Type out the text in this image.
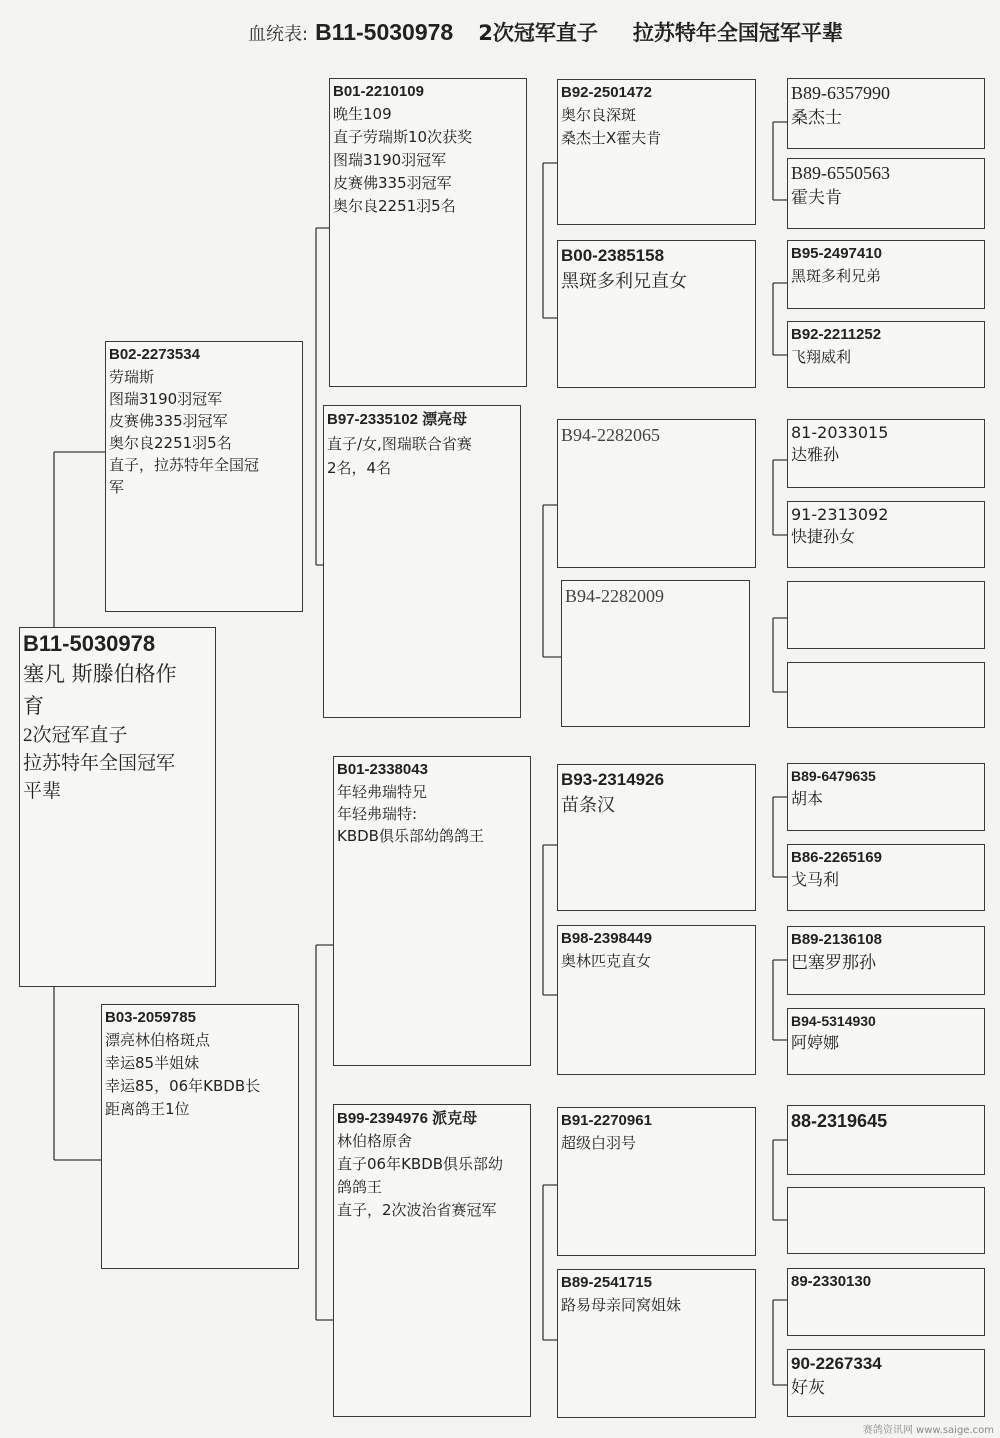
血统表: B11-5030978 2次冠军直子 拉苏特年全国冠军平辈
B11-5030978
塞凡 斯滕伯格作
育
2次冠军直子
拉苏特年全国冠军
平辈
B02-2273534
劳瑞斯
图瑞3190羽冠军
皮赛佛335羽冠军
奥尔良2251羽5名
直子，拉苏特年全国冠
军
B03-2059785
漂亮林伯格斑点
幸运85半姐妹
幸运85，06年KBDB长
距离鸽王1位
B01-2210109
晚生109
直子劳瑞斯10次获奖
图瑞3190羽冠军
皮赛佛335羽冠军
奥尔良2251羽5名
B97-2335102 漂亮母
直子/女,图瑞联合省赛
2名，4名
B01-2338043
年轻弗瑞特兄
年轻弗瑞特:
KBDB俱乐部幼鸽鸽王
B99-2394976 派克母
林伯格原舍
直子06年KBDB俱乐部幼
鸽鸽王
直子，2次波治省赛冠军
B92-2501472
奥尔良深斑
桑杰士X霍夫肯
B00-2385158
黑斑多利兄直女
B94-2282065
B94-2282009
B93-2314926
苗条汉
B98-2398449
奥林匹克直女
B91-2270961
超级白羽号
B89-2541715
路易母亲同窝姐妹
B89-6357990
桑杰士
B89-6550563
霍夫肯
B95-2497410
黑斑多利兄弟
B92-2211252
飞翔威利
81-2033015
达雅孙
91-2313092
快捷孙女
B89-6479635
胡本
B86-2265169
戈马利
B89-2136108
巴塞罗那孙
B94-5314930
阿婷娜
88-2319645
89-2330130
90-2267334
好灰
赛鸽资讯网 www.saige.com
